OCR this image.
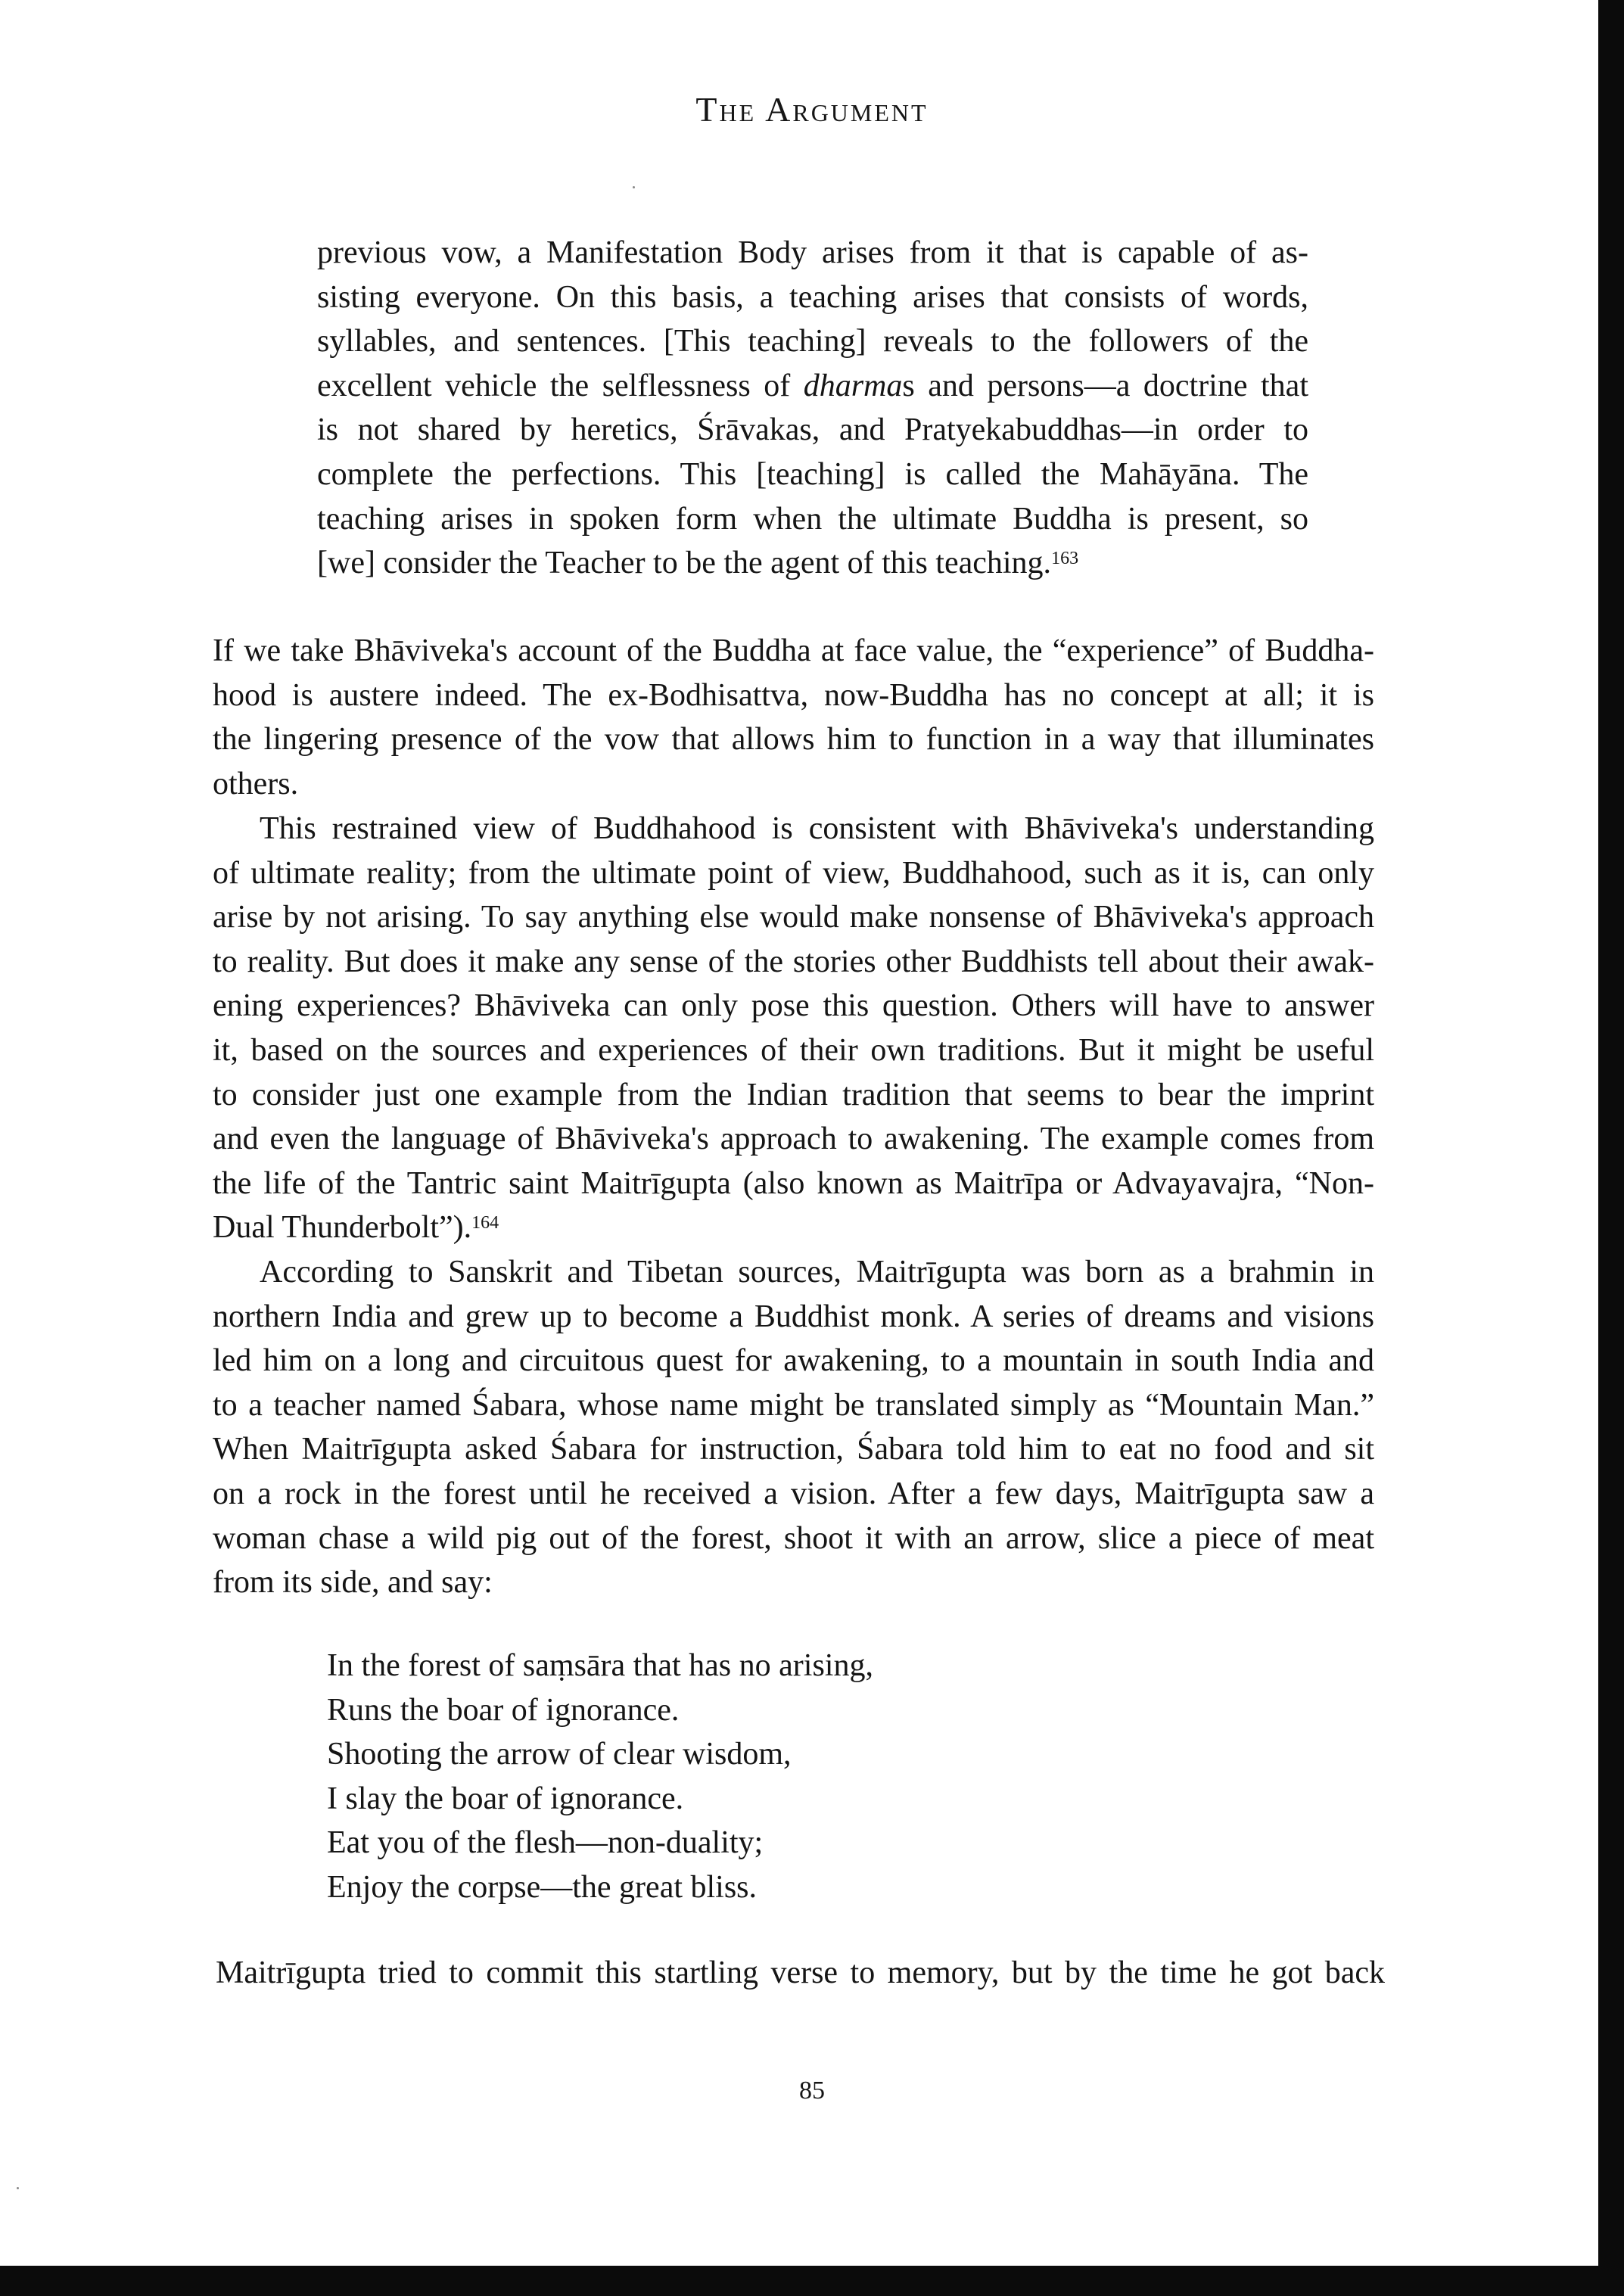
The Argument
previous vow, a Manifestation Body arises from it that is capable of as-
sisting everyone. On this basis, a teaching arises that consists of words,
syllables, and sentences. [This teaching] reveals to the followers of the
excellent vehicle the selflessness of dharmas and persons—a doctrine that
is not shared by heretics, Śrāvakas, and Pratyekabuddhas—in order to
complete the perfections. This [teaching] is called the Mahāyāna. The
teaching arises in spoken form when the ultimate Buddha is present, so
[we] consider the Teacher to be the agent of this teaching.$^{163}$
If we take Bhāviveka's account of the Buddha at face value, the “experience” of Buddha-
hood is austere indeed. The ex-Bodhisattva, now-Buddha has no concept at all; it is
the lingering presence of the vow that allows him to function in a way that illuminates
others.
This restrained view of Buddhahood is consistent with Bhāviveka's understanding
of ultimate reality; from the ultimate point of view, Buddhahood, such as it is, can only
arise by not arising. To say anything else would make nonsense of Bhāviveka's approach
to reality. But does it make any sense of the stories other Buddhists tell about their awak-
ening experiences? Bhāviveka can only pose this question. Others will have to answer
it, based on the sources and experiences of their own traditions. But it might be useful
to consider just one example from the Indian tradition that seems to bear the imprint
and even the language of Bhāviveka's approach to awakening. The example comes from
the life of the Tantric saint Maitrīgupta (also known as Maitrīpa or Advayavajra, “Non-
Dual Thunderbolt”).$^{164}$
According to Sanskrit and Tibetan sources, Maitrīgupta was born as a brahmin in
northern India and grew up to become a Buddhist monk. A series of dreams and visions
led him on a long and circuitous quest for awakening, to a mountain in south India and
to a teacher named Śabara, whose name might be translated simply as “Mountain Man.”
When Maitrīgupta asked Śabara for instruction, Śabara told him to eat no food and sit
on a rock in the forest until he received a vision. After a few days, Maitrīgupta saw a
woman chase a wild pig out of the forest, shoot it with an arrow, slice a piece of meat
from its side, and say:
In the forest of saṃsāra that has no arising,
Runs the boar of ignorance.
Shooting the arrow of clear wisdom,
I slay the boar of ignorance.
Eat you of the flesh—non-duality;
Enjoy the corpse—the great bliss.
Maitrīgupta tried to commit this startling verse to memory, but by the time he got back
85
